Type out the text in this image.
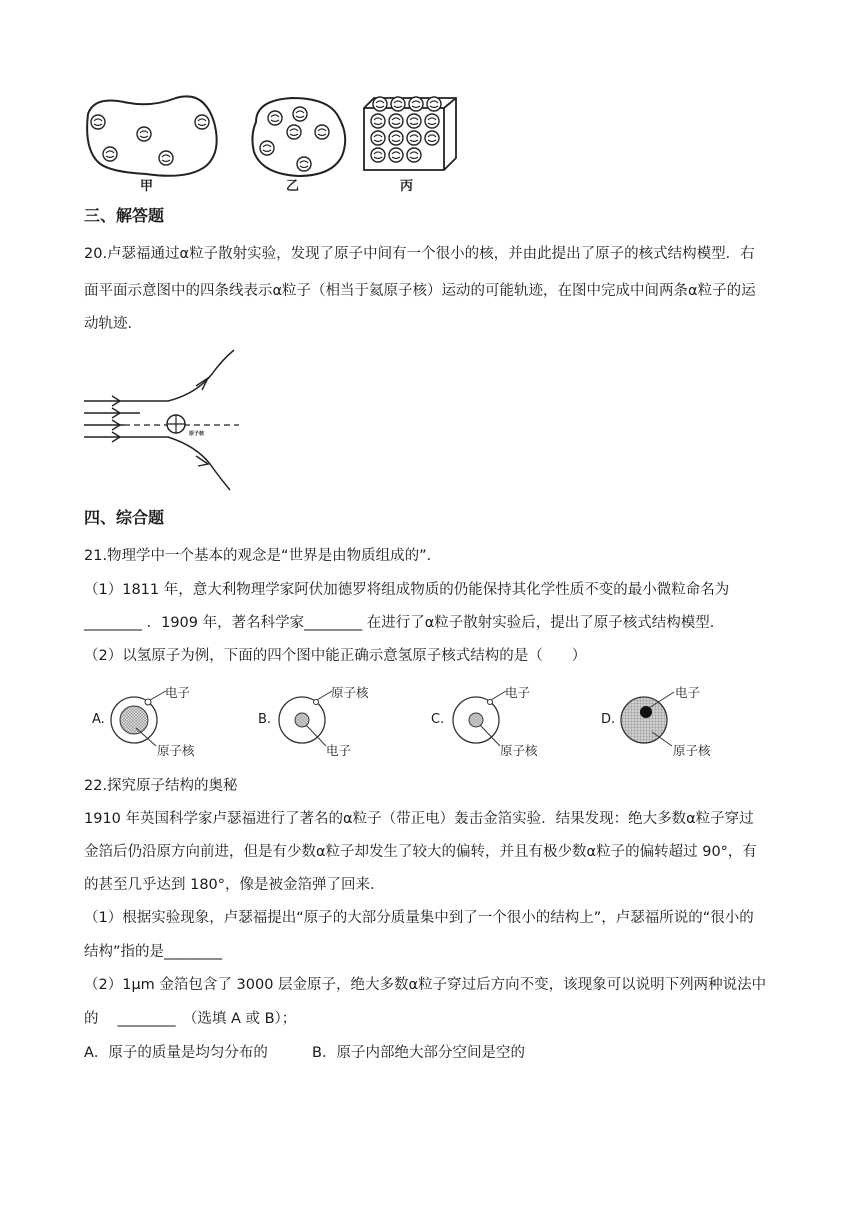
甲	乙	丙
三、解答题
20.卢瑟福通过α粒子散射实验，发现了原子中间有一个很小的核，并由此提出了原子的核式结构模型．右
面平面示意图中的四条线表示α粒子（相当于氦原子核）运动的可能轨迹，在图中完成中间两条α粒子的运
动轨迹．
原子核
四、综合题
21.物理学中一个基本的观念是“世界是由物质组成的”．
（1）1811 年，意大利物理学家阿伏加德罗将组成物质的仍能保持其化学性质不变的最小微粒命名为
________ ．1909 年，著名科学家________ 在进行了α粒子散射实验后，提出了原子核式结构模型．
（2）以氢原子为例，下面的四个图中能正确示意氢原子核式结构的是（　　）
A.
电子
原子核
B.
原子核
电子
C.
电子
原子核
D.
电子
原子核
22.探究原子结构的奥秘
1910 年英国科学家卢瑟福进行了著名的α粒子（带正电）轰击金箔实验．结果发现：绝大多数α粒子穿过
金箔后仍沿原方向前进，但是有少数α粒子却发生了较大的偏转，并且有极少数α粒子的偏转超过 90°，有
的甚至几乎达到 180°，像是被金箔弹了回来．
（1）根据实验现象，卢瑟福提出“原子的大部分质量集中到了一个很小的结构上”，卢瑟福所说的“很小的
结构”指的是________
（2）1μm 金箔包含了 3000 层金原子，绝大多数α粒子穿过后方向不变，该现象可以说明下列两种说法中
的　 ________　（选填 A 或 B）；
A．原子的质量是均匀分布的	B．原子内部绝大部分空间是空的
